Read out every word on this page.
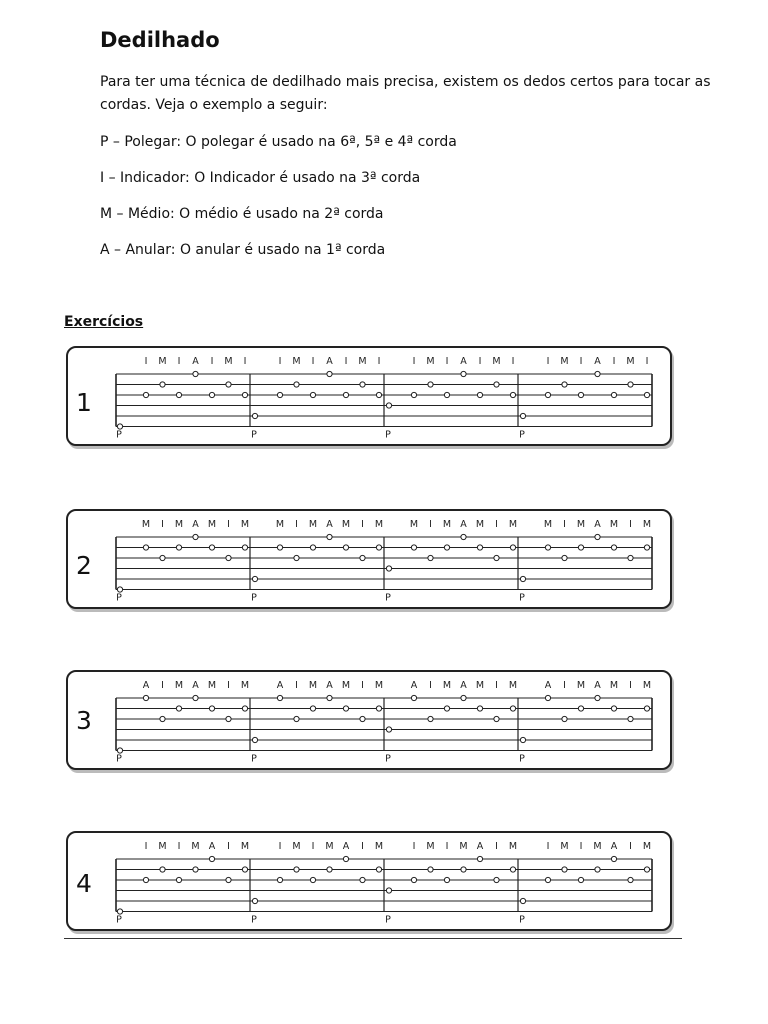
Dedilhado

Para ter uma técnica de dedilhado mais precisa, existem os dedos certos para tocar as cordas. Veja o exemplo a seguir:

P – Polegar: O polegar é usado na 6ª, 5ª e 4ª corda

I – Indicador: O Indicador é usado na 3ª corda

M – Médio: O médio é usado na 2ª corda

A – Anular: O anular é usado na 1ª corda

Exercícios

1
I M I A I M I
P
I M I A I M I
P
I M I A I M I
P
I M I A I M I
P
2
M I M A M I M
P
M I M A M I M
P
M I M A M I M
P
M I M A M I M
P
3
A I M A M I M
P
A I M A M I M
P
A I M A M I M
P
A I M A M I M
P
4
I M I M A I M
P
I M I M A I M
P
I M I M A I M
P
I M I M A I M
P
